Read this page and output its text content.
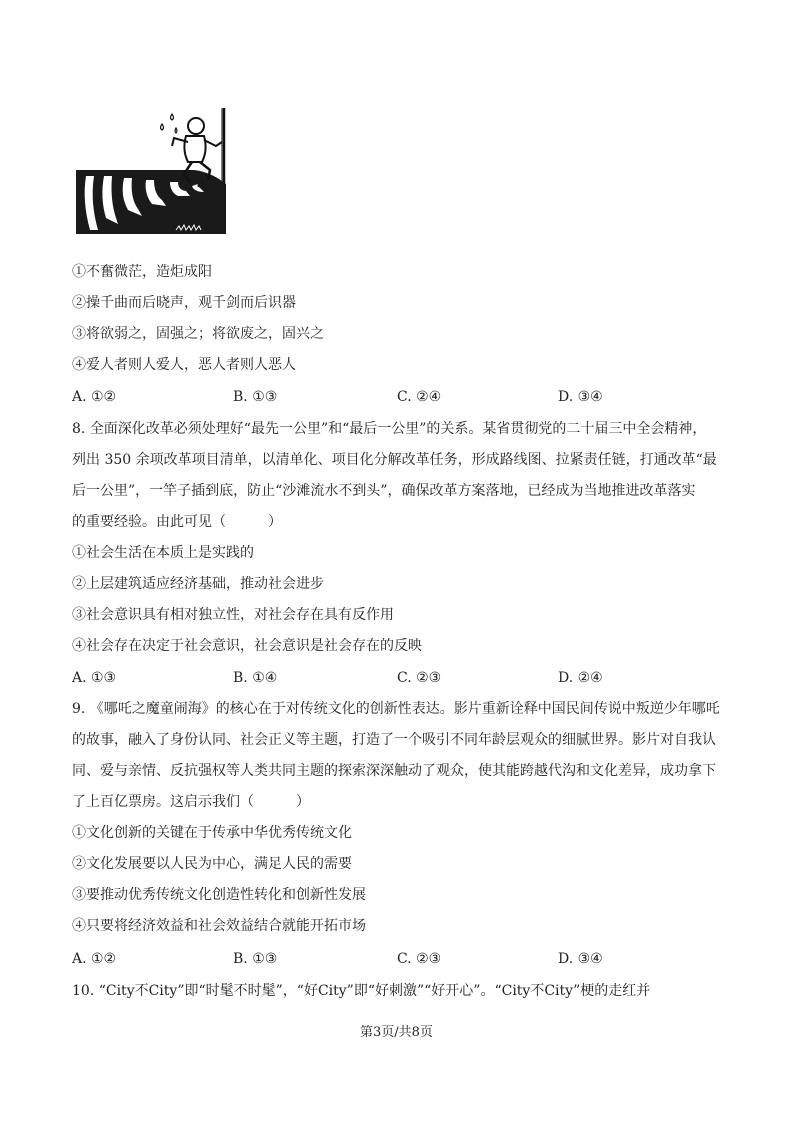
①不奮微茫，造炬成阳
②操千曲而后晓声，观千剑而后识器
③将欲弱之，固强之；将欲废之，固兴之
④爱人者则人爱人，恶人者则人恶人
A. ①②	B. ①③	C. ②④	D. ③④
8. 全面深化改革必须处理好“最先一公里”和“最后一公里”的关系。某省贯彻党的二十届三中全会精神，
列出 350 余项改革项目清单，以清单化、项目化分解改革任务，形成路线图、拉紧责任链，打通改革“最
后一公里”，一竿子插到底，防止“沙滩流水不到头”，确保改革方案落地，已经成为当地推进改革落实
的重要经验。由此可见（　　　）
①社会生活在本质上是实践的
②上层建筑适应经济基础，推动社会进步
③社会意识具有相对独立性，对社会存在具有反作用
④社会存在决定于社会意识，社会意识是社会存在的反映
A. ①③	B. ①④	C. ②③	D. ②④
9. 《哪吒之魔童闹海》的核心在于对传统文化的创新性表达。影片重新诠释中国民间传说中叛逆少年哪吒
的故事，融入了身份认同、社会正义等主题，打造了一个吸引不同年龄层观众的细腻世界。影片对自我认
同、爱与亲情、反抗强权等人类共同主题的探索深深触动了观众，使其能跨越代沟和文化差异，成功拿下
了上百亿票房。这启示我们（　　　）
①文化创新的关键在于传承中华优秀传统文化
②文化发展要以人民为中心，满足人民的需要
③要推动优秀传统文化创造性转化和创新性发展
④只要将经济效益和社会效益结合就能开拓市场
A. ①②	B. ①③	C. ②③	D. ③④
10. “City不City”即“时髦不时髦”，“好City”即“好刺激”“好开心”。“City不City”梗的走红并
第3页/共8页
